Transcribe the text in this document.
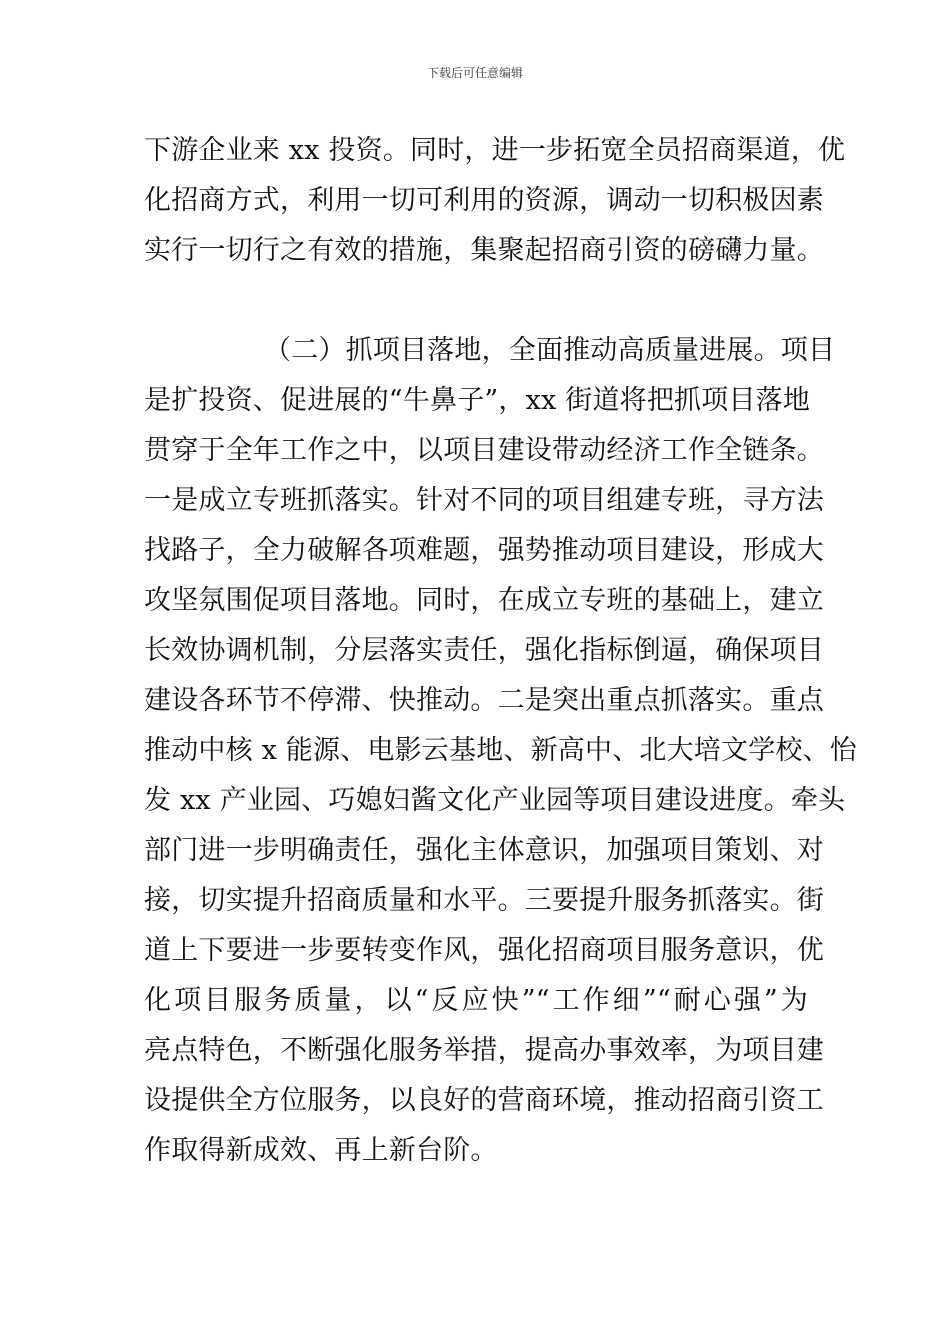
下载后可任意编辑
下游企业来 xx 投资。同时，进一步拓宽全员招商渠道，优
化招商方式，利用一切可利用的资源，调动一切积极因素
实行一切行之有效的措施，集聚起招商引资的磅礴力量。
（二）抓项目落地，全面推动高质量进展。项目
是扩投资、促进展的“牛鼻子”，xx 街道将把抓项目落地
贯穿于全年工作之中，以项目建设带动经济工作全链条。
一是成立专班抓落实。针对不同的项目组建专班，寻方法
找路子，全力破解各项难题，强势推动项目建设，形成大
攻坚氛围促项目落地。同时，在成立专班的基础上，建立
长效协调机制，分层落实责任，强化指标倒逼，确保项目
建设各环节不停滞、快推动。二是突出重点抓落实。重点
推动中核 x 能源、电影云基地、新高中、北大培文学校、怡
发 xx 产业园、巧媳妇酱文化产业园等项目建设进度。牵头
部门进一步明确责任，强化主体意识，加强项目策划、对
接，切实提升招商质量和水平。三要提升服务抓落实。街
道上下要进一步要转变作风，强化招商项目服务意识，优
化项目服务质量，以“反应快”“工作细”“耐心强”为
亮点特色，不断强化服务举措，提高办事效率，为项目建
设提供全方位服务，以良好的营商环境，推动招商引资工
作取得新成效、再上新台阶。
